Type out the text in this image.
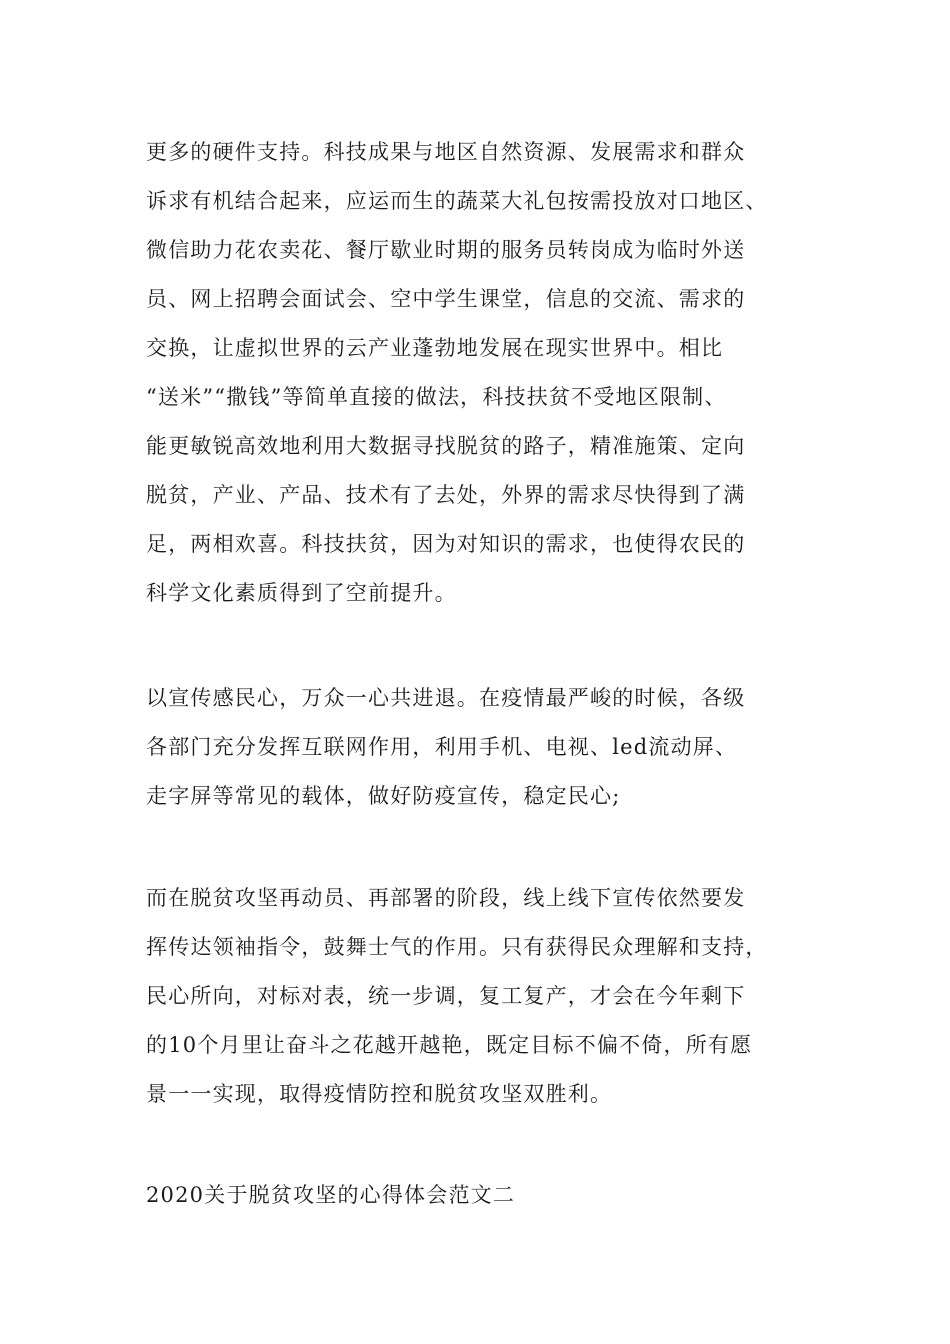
更多的硬件支持。科技成果与地区自然资源、发展需求和群众
诉求有机结合起来，应运而生的蔬菜大礼包按需投放对口地区、
微信助力花农卖花、餐厅歇业时期的服务员转岗成为临时外送
员、网上招聘会面试会、空中学生课堂，信息的交流、需求的
交换，让虚拟世界的云产业蓬勃地发展在现实世界中。相比
“送米”“撒钱”等简单直接的做法，科技扶贫不受地区限制、
能更敏锐高效地利用大数据寻找脱贫的路子，精准施策、定向
脱贫，产业、产品、技术有了去处，外界的需求尽快得到了满
足，两相欢喜。科技扶贫，因为对知识的需求，也使得农民的
科学文化素质得到了空前提升。
以宣传感民心，万众一心共进退。在疫情最严峻的时候，各级
各部门充分发挥互联网作用，利用手机、电视、led流动屏、
走字屏等常见的载体，做好防疫宣传，稳定民心;
而在脱贫攻坚再动员、再部署的阶段，线上线下宣传依然要发
挥传达领袖指令，鼓舞士气的作用。只有获得民众理解和支持，
民心所向，对标对表，统一步调，复工复产，才会在今年剩下
的10个月里让奋斗之花越开越艳，既定目标不偏不倚，所有愿
景一一实现，取得疫情防控和脱贫攻坚双胜利。
2020关于脱贫攻坚的心得体会范文二
